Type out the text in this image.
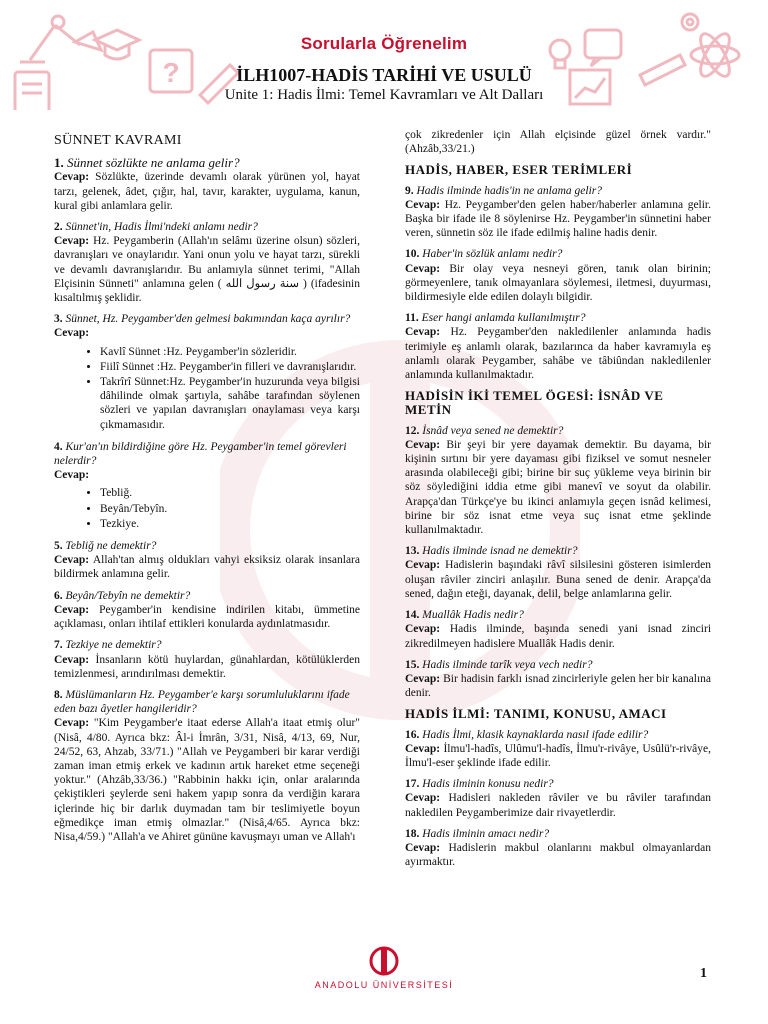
?
Sorularla Öğrenelim
İLH1007-HADİS TARİHİ VE USULÜ
Unite 1: Hadis İlmi: Temel Kavramları ve Alt Dalları
SÜNNET KAVRAMI

1. Sünnet sözlükte ne anlama gelir?

Cevap: Sözlükte, üzerinde devamlı olarak yürünen yol, hayat tarzı, gelenek, âdet, çığır, hal, tavır, karakter, uygulama, kanun, kural gibi anlamlara gelir.

2. Sünnet'in, Hadis İlmi'ndeki anlamı nedir?

Cevap: Hz. Peygamberin (Allah'ın selâmı üzerine olsun) sözleri, davranışları ve onaylarıdır. Yani onun yolu ve hayat tarzı, sürekli ve devamlı davranışlarıdır. Bu anlamıyla sünnet terimi, "Allah Elçisinin Sünneti" anlamına gelen ( سنة رسول الله ) (ifadesinin kısaltılmış şeklidir.

3. Sünnet, Hz. Peygamber'den gelmesi bakımından kaça ayrılır?

Cevap:

• Kavlî Sünnet :Hz. Peygamber'in sözleridir.
• Fiilî Sünnet :Hz. Peygamber'in filleri ve davranışlarıdır.
• Takrîrî Sünnet:Hz. Peygamber'in huzurunda veya bilgisi dâhilinde olmak şartıyla, sahâbe tarafından söylenen sözleri ve yapılan davranışları onaylaması veya karşı çıkmamasıdır.

4. Kur'an'ın bildirdiğine göre Hz. Peygamber'in temel görevleri nelerdir?

Cevap:

• Tebliğ.
• Beyân/Tebyîn.
• Tezkiye.

5. Tebliğ ne demektir?

Cevap: Allah'tan almış oldukları vahyi eksiksiz olarak insanlara bildirmek anlamına gelir.

6. Beyân/Tebyîn ne demektir?

Cevap: Peygamber'in kendisine indirilen kitabı, ümmetine açıklaması, onları ihtilaf ettikleri konularda aydınlatmasıdır.

7. Tezkiye ne demektir?

Cevap: İnsanların kötü huylardan, günahlardan, kötülüklerden temizlenmesi, arındırılması demektir.

8. Müslümanların Hz. Peygamber'e karşı sorumluluklarını ifade eden bazı âyetler hangileridir?

Cevap: "Kim Peygamber'e itaat ederse Allah'a itaat etmiş olur" (Nisâ, 4/80. Ayrıca bkz: Âl-i İmrân, 3/31, Nisâ, 4/13, 69, Nur, 24/52, 63, Ahzab, 33/71.) "Allah ve Peygamberi bir karar verdiği zaman iman etmiş erkek ve kadının artık hareket etme seçeneği yoktur." (Ahzâb,33/36.) "Rabbinin hakkı için, onlar aralarında çekiştikleri şeylerde seni hakem yapıp sonra da verdiğin karara içlerinde hiç bir darlık duymadan tam bir teslimiyetle boyun eğmedikçe iman etmiş olmazlar." (Nisâ,4/65. Ayrıca bkz: Nisa,4/59.) "Allah'a ve Ahiret gününe kavuşmayı uman ve Allah'ı

çok zikredenler için Allah elçisinde güzel örnek vardır." (Ahzâb,33/21.)

HADİS, HABER, ESER TERİMLERİ

9. Hadis ilminde hadis'in ne anlama gelir?

Cevap: Hz. Peygamber'den gelen haber/haberler anlamına gelir. Başka bir ifade ile 8 söylenirse Hz. Peygamber'in sünnetini haber veren, sünnetin söz ile ifade edilmiş haline hadis denir.

10. Haber'in sözlük anlamı nedir?

Cevap: Bir olay veya nesneyi gören, tanık olan birinin; görmeyenlere, tanık olmayanlara söylemesi, iletmesi, duyurması, bildirmesiyle elde edilen dolaylı bilgidir.

11. Eser hangi anlamda kullanılmıştır?

Cevap: Hz. Peygamber'den nakledilenler anlamında hadis terimiyle eş anlamlı olarak, bazılarınca da haber kavramıyla eş anlamlı olarak Peygamber, sahâbe ve tâbiûndan nakledilenler anlamında kullanılmaktadır.

HADİSİN İKİ TEMEL ÖGESİ: İSNÂD VE METİN

12. İsnâd veya sened ne demektir?

Cevap: Bir şeyi bir yere dayamak demektir. Bu dayama, bir kişinin sırtını bir yere dayaması gibi fiziksel ve somut nesneler arasında olabileceği gibi; birine bir suç yükleme veya birinin bir söz söylediğini iddia etme gibi manevî ve soyut da olabilir. Arapça'dan Türkçe'ye bu ikinci anlamıyla geçen isnâd kelimesi, birine bir söz isnat etme veya suç isnat etme şeklinde kullanılmaktadır.

13. Hadis ilminde isnad ne demektir?

Cevap: Hadislerin başındaki râvî silsilesini gösteren isimlerden oluşan râviler zinciri anlaşılır. Buna sened de denir. Arapça'da sened, dağın eteği, dayanak, delil, belge anlamlarına gelir.

14. Muallâk Hadis nedir?

Cevap: Hadis ilminde, başında senedi yani isnad zinciri zikredilmeyen hadislere Muallâk Hadis denir.

15. Hadis ilminde tarîk veya vech nedir?

Cevap: Bir hadisin farklı isnad zincirleriyle gelen her bir kanalına denir.

HADİS İLMİ: TANIMI, KONUSU, AMACI

16. Hadis İlmi, klasik kaynaklarda nasıl ifade edilir?

Cevap: İlmu'l-hadîs, Ulûmu'l-hadîs, İlmu'r-rivâye, Usûlü'r-rivâye, İlmu'l-eser şeklinde ifade edilir.

17. Hadis ilminin konusu nedir?

Cevap: Hadisleri nakleden râviler ve bu râviler tarafından nakledilen Peygamberimize dair rivayetlerdir.

18. Hadis ilminin amacı nedir?

Cevap: Hadislerin makbul olanlarını makbul olmayanlardan ayırmaktır.

ANADOLU ÜNİVERSİTESİ
1
